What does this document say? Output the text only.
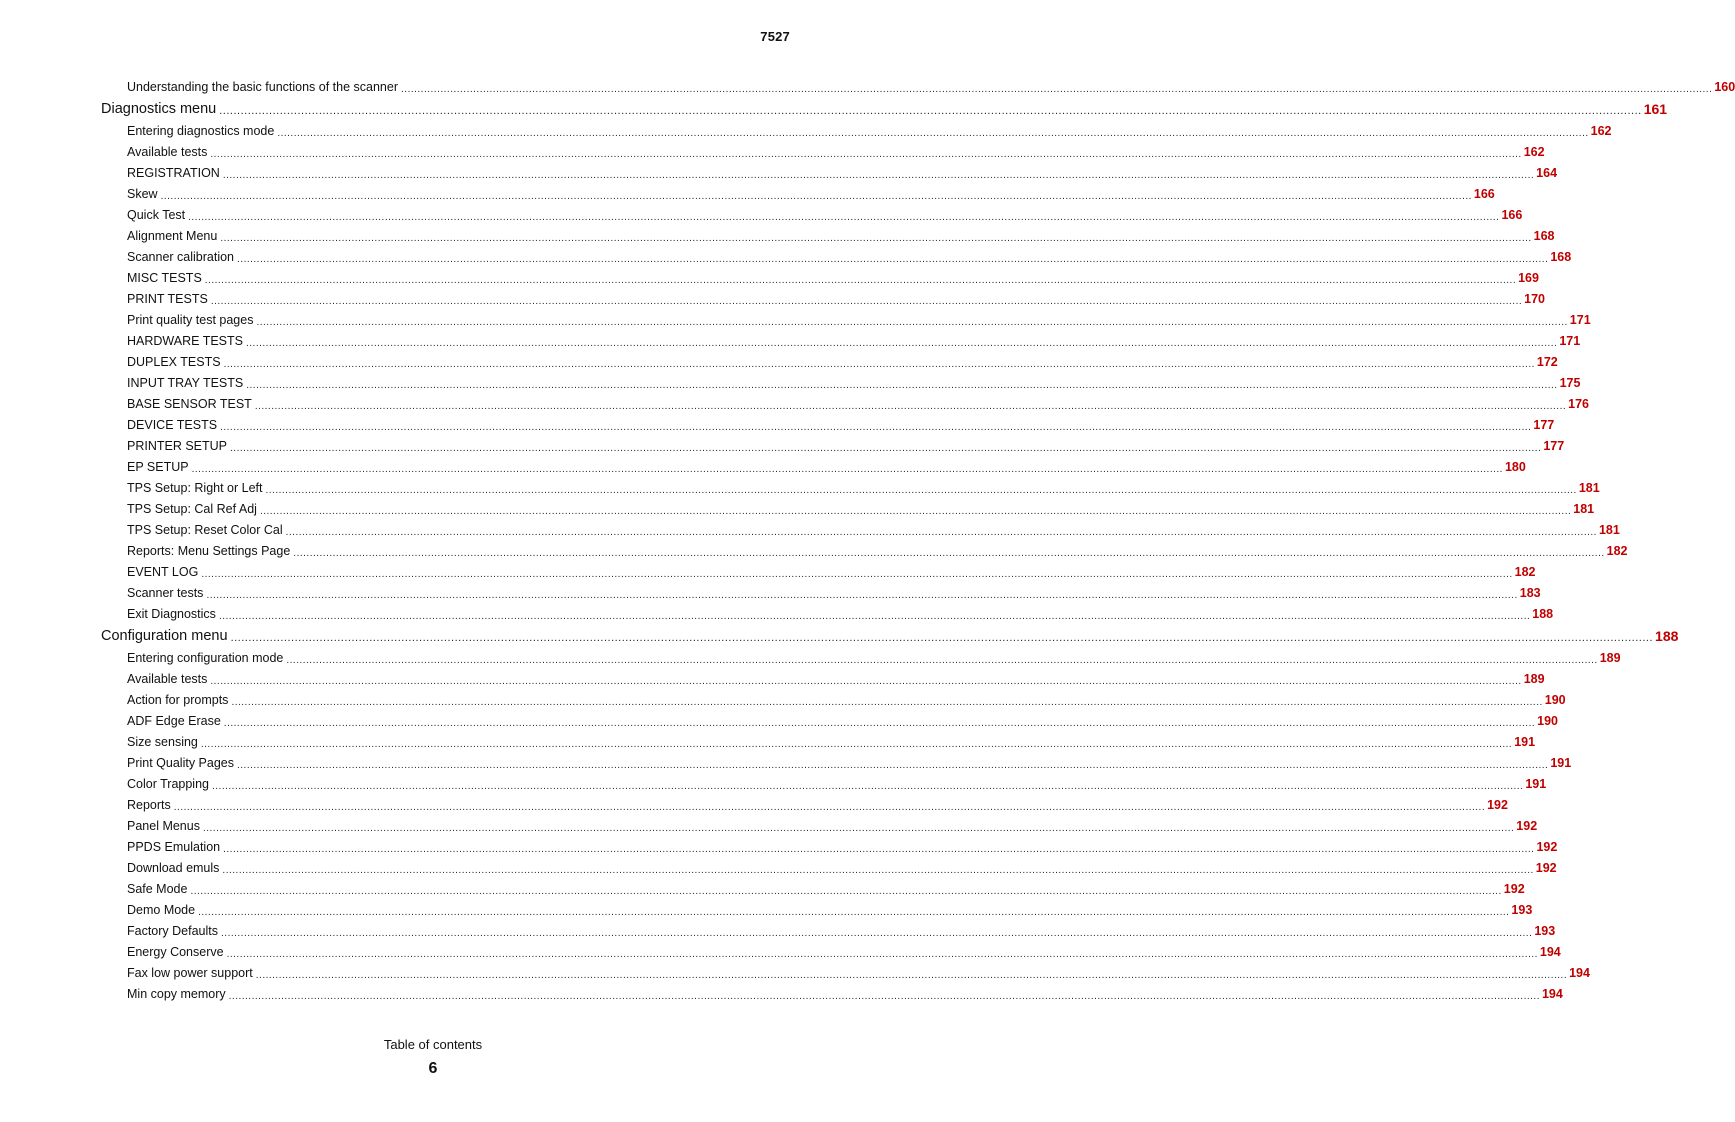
7527
Understanding the basic functions of the scanner ................................................................................................................................................................................................................................................................................................................................................................................................................ 160
Diagnostics menu ................................................................................................................................................................................................................................................................................................................................................................................................................ 161
Entering diagnostics mode ................................................................................................................................................................................................................................................................................................................................................................................................................ 162
Available tests ................................................................................................................................................................................................................................................................................................................................................................................................................ 162
REGISTRATION ................................................................................................................................................................................................................................................................................................................................................................................................................ 164
Skew ................................................................................................................................................................................................................................................................................................................................................................................................................ 166
Quick Test ................................................................................................................................................................................................................................................................................................................................................................................................................ 166
Alignment Menu ................................................................................................................................................................................................................................................................................................................................................................................................................ 168
Scanner calibration ................................................................................................................................................................................................................................................................................................................................................................................................................ 168
MISC TESTS ................................................................................................................................................................................................................................................................................................................................................................................................................ 169
PRINT TESTS ................................................................................................................................................................................................................................................................................................................................................................................................................ 170
Print quality test pages ................................................................................................................................................................................................................................................................................................................................................................................................................ 171
HARDWARE TESTS ................................................................................................................................................................................................................................................................................................................................................................................................................ 171
DUPLEX TESTS ................................................................................................................................................................................................................................................................................................................................................................................................................ 172
INPUT TRAY TESTS ................................................................................................................................................................................................................................................................................................................................................................................................................ 175
BASE SENSOR TEST ................................................................................................................................................................................................................................................................................................................................................................................................................ 176
DEVICE TESTS ................................................................................................................................................................................................................................................................................................................................................................................................................ 177
PRINTER SETUP ................................................................................................................................................................................................................................................................................................................................................................................................................ 177
EP SETUP ................................................................................................................................................................................................................................................................................................................................................................................................................ 180
TPS Setup: Right or Left ................................................................................................................................................................................................................................................................................................................................................................................................................ 181
TPS Setup: Cal Ref Adj ................................................................................................................................................................................................................................................................................................................................................................................................................ 181
TPS Setup: Reset Color Cal ................................................................................................................................................................................................................................................................................................................................................................................................................ 181
Reports: Menu Settings Page ................................................................................................................................................................................................................................................................................................................................................................................................................ 182
EVENT LOG ................................................................................................................................................................................................................................................................................................................................................................................................................ 182
Scanner tests ................................................................................................................................................................................................................................................................................................................................................................................................................ 183
Exit Diagnostics ................................................................................................................................................................................................................................................................................................................................................................................................................ 188
Configuration menu ................................................................................................................................................................................................................................................................................................................................................................................................................ 188
Entering configuration mode ................................................................................................................................................................................................................................................................................................................................................................................................................ 189
Available tests ................................................................................................................................................................................................................................................................................................................................................................................................................ 189
Action for prompts ................................................................................................................................................................................................................................................................................................................................................................................................................ 190
ADF Edge Erase ................................................................................................................................................................................................................................................................................................................................................................................................................ 190
Size sensing ................................................................................................................................................................................................................................................................................................................................................................................................................ 191
Print Quality Pages ................................................................................................................................................................................................................................................................................................................................................................................................................ 191
Color Trapping ................................................................................................................................................................................................................................................................................................................................................................................................................ 191
Reports ................................................................................................................................................................................................................................................................................................................................................................................................................ 192
Panel Menus ................................................................................................................................................................................................................................................................................................................................................................................................................ 192
PPDS Emulation ................................................................................................................................................................................................................................................................................................................................................................................................................ 192
Download emuls ................................................................................................................................................................................................................................................................................................................................................................................................................ 192
Safe Mode ................................................................................................................................................................................................................................................................................................................................................................................................................ 192
Demo Mode ................................................................................................................................................................................................................................................................................................................................................................................................................ 193
Factory Defaults ................................................................................................................................................................................................................................................................................................................................................................................................................ 193
Energy Conserve ................................................................................................................................................................................................................................................................................................................................................................................................................ 194
Fax low power support ................................................................................................................................................................................................................................................................................................................................................................................................................ 194
Min copy memory ................................................................................................................................................................................................................................................................................................................................................................................................................ 194
Table of contents
6
